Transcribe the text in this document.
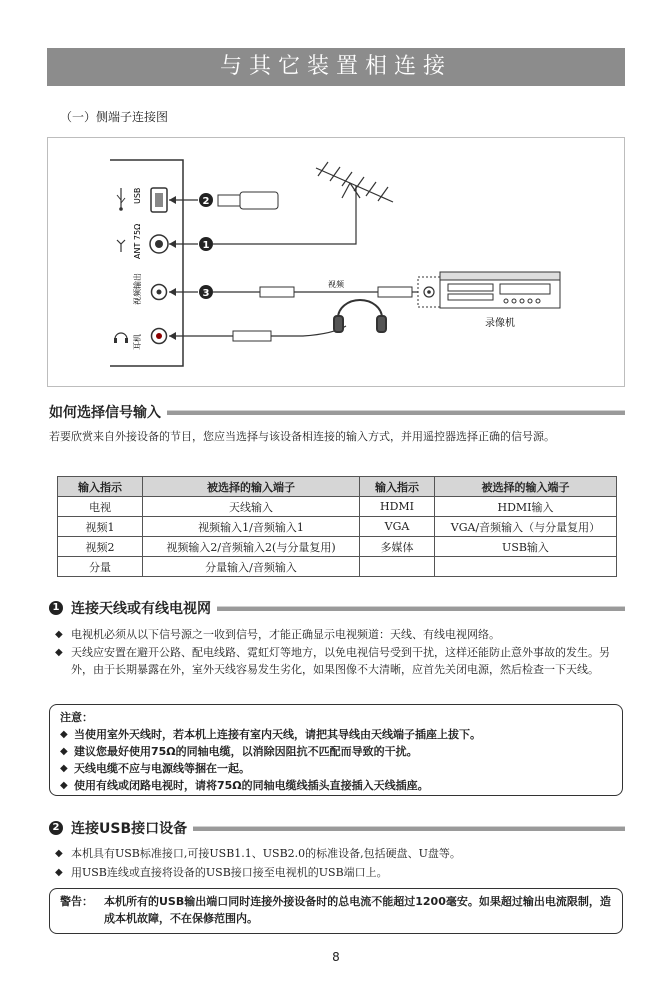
与其它装置相连接
（一）侧端子连接图
USB
ANT 75Ω
视频输出
耳机
2
1
3
视频
录像机
如何选择信号输入
若要欣赏来自外接设备的节目，您应当选择与该设备相连接的输入方式，并用遥控器选择正确的信号源。
输入指示	被选择的输入端子	输入指示	被选择的输入端子
电视	天线输入	HDMI	HDMI输入
视频1	视频输入1/音频输入1	VGA	VGA/音频输入（与分量复用）
视频2	视频输入2/音频输入2(与分量复用)	多媒体	USB输入
分量	分量输入/音频输入		
1 连接天线或有线电视网
◆ 电视机必须从以下信号源之一收到信号，才能正确显示电视频道：天线、有线电视网络。
◆ 天线应安置在避开公路、配电线路、霓虹灯等地方，以免电视信号受到干扰，这样还能防止意外事故的发生。另外，由于长期暴露在外，室外天线容易发生劣化，如果图像不大清晰，应首先关闭电源，然后检查一下天线。
注意：
◆ 当使用室外天线时，若本机上连接有室内天线，请把其导线由天线端子插座上拔下。
◆ 建议您最好使用75Ω的同轴电缆，以消除因阻抗不匹配而导致的干扰。
◆ 天线电缆不应与电源线等捆在一起。
◆ 使用有线或闭路电视时，请将75Ω的同轴电缆线插头直接插入天线插座。
2 连接USB接口设备
◆ 本机具有USB标准接口,可接USB1.1、USB2.0的标准设备,包括硬盘、U盘等。
◆ 用USB连线或直接将设备的USB接口接至电视机的USB端口上。
警告： 本机所有的USB输出端口同时连接外接设备时的总电流不能超过1200毫安。如果超过输出电流限制，造成本机故障，不在保修范围内。
8
